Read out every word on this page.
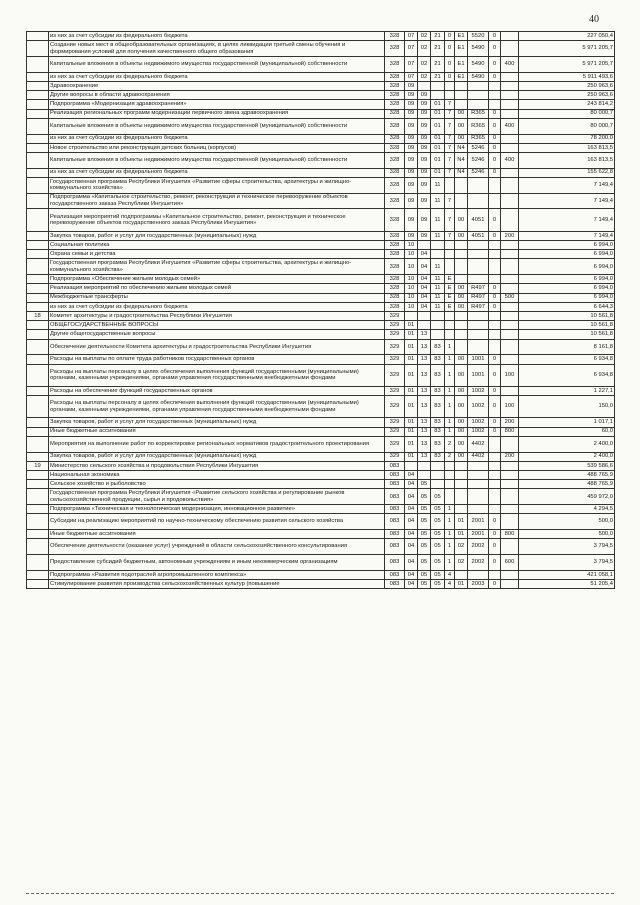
40
	из них за счет субсидии из федерального бюджета	328	07	02	21	0	Е1	5520	0		227 050,4
	Создание новых мест в общеобразовательных организациях, в целях ликвидации третьей смены обучения и формирования условий для получения качественного общего образования	328	07	02	21	0	Е1	5490	0		5 971 205,7
	Капитальные вложения в объекты недвижимого имущества государственной (муниципальной) собственности	328	07	02	21	0	Е1	5490	0	400	5 971 205,7
	из них за счет субсидии из федерального бюджета	328	07	02	21	0	Е1	5490	0		5 911 493,6
	Здравоохранение	328	09								250 963,6
	Другие вопросы в области здравоохранения	328	09	09							250 963,6
	Подпрограмма «Модернизация здравоохранения»	328	09	09	01	7					243 814,2
	Реализация региональных программ модернизации первичного звена здравоохранения	328	09	09	01	7	00	R365	0		80 000,7
	Капитальные вложения в объекты недвижимого имущества государственной (муниципальной) собственности	328	09	09	01	7	00	R365	0	400	80 000,7
	из них за счет субсидии из федерального бюджета	328	09	09	01	7	00	R365	0		78 200,0
	Новое строительство или реконструкция детских больниц (корпусов)	328	09	09	01	7	N4	5246	0		163 813,5
	Капитальные вложения в объекты недвижимого имущества государственной (муниципальной) собственности	328	09	09	01	7	N4	5246	0	400	163 813,5
	из них за счет субсидии из федерального бюджета	328	09	09	01	7	N4	5246	0		155 622,8
	Государственная программа Республики Ингушетия «Развитие сферы строительства, архитектуры и жилищно-коммунального хозяйства»	328	09	09	11						7 149,4
	Подпрограмма «Капитальное строительство, ремонт, реконструкция и техническое перевооружение объектов государственного заказа Республики Ингушетия»	328	09	09	11	7					7 149,4
	Реализация мероприятий подпрограммы «Капитальное строительство, ремонт, реконструкция и техническое перевооружение объектов государственного заказа Республики Ингушетия»	328	09	09	11	7	00	4051	0		7 149,4
	Закупка товаров, работ и услуг для государственных (муниципальных) нужд	328	09	09	11	7	00	4051	0	200	7 149,4
	Социальная политика	328	10								6 994,0
	Охрана семьи и детства	328	10	04							6 994,0
	Государственная программа Республики Ингушетия «Развитие сферы строительства, архитектуры и жилищно-коммунального хозяйства»	328	10	04	11						6 994,0
	Подпрограмма «Обеспечение жильем молодых семей»	328	10	04	11	Е					6 994,0
	Реализация мероприятий по обеспечению жильем молодых семей	328	10	04	11	Е	00	R497	0		6 994,0
	Межбюджетные трансферты	328	10	04	11	Е	00	R497	0	500	6 994,0
	из них за счет субсидии из федерального бюджета	328	10	04	11	Е	00	R497	0		6 644,3
18	Комитет архитектуры и градостроительства Республики Ингушетия	329									10 561,8
	ОБЩЕГОСУДАРСТВЕННЫЕ ВОПРОСЫ	329	01								10 561,8
	Другие общегосударственные вопросы	329	01	13							10 561,8
	Обеспечение деятельности Комитета архитектуры и градостроительства Республики Ингушетия	329	01	13	83	1					8 161,8
	Расходы на выплаты по оплате труда работников государственных органов	329	01	13	83	1	00	1001	0		6 934,8
	Расходы на выплаты персоналу в целях обеспечения выполнения функций государственными (муниципальными) органами, казенными учреждениями, органами управления государственными внебюджетными фондами	329	01	13	83	1	00	1001	0	100	6 934,8
	Расходы на обеспечение функций государственных органов	329	01	13	83	1	00	1002	0		1 227,1
	Расходы на выплаты персоналу в целях обеспечения выполнения функций государственными (муниципальными) органами, казенными учреждениями, органами управления государственными внебюджетными фондами	329	01	13	83	1	00	1002	0	100	150,0
	Закупка товаров, работ и услуг для государственных (муниципальных) нужд	329	01	13	83	1	00	1002	0	200	1 017,1
	Иные бюджетные ассигнования	329	01	13	83	1	00	1002	0	800	60,0
	Мероприятия на выполнение работ по корректировке региональных нормативов градостроительного проектирования	329	01	13	83	2	00	4402			2 400,0
	Закупка товаров, работ и услуг для государственных (муниципальных) нужд	329	01	13	83	2	00	4402		200	2 400,0
19	Министерство сельского хозяйства и продовольствия Республики Ингушетия	083									539 586,6
	Национальная экономика	083	04								488 765,9
	Сельское хозяйство и рыболовство	083	04	05							488 765,9
	Государственная программа Республики Ингушетия «Развитие сельского хозяйства и регулирование рынков сельскохозяйственной продукции, сырья и продовольствия»	083	04	05	05						459 972,0
	Подпрограмма «Техническая и технологическая модернизация, инновационное развитие»	083	04	05	05	1					4 294,5
	Субсидии на реализацию мероприятий по научно-техническому обеспечению развития сельского хозяйства	083	04	05	05	1	01	2001	0		500,0
	Иные бюджетные ассигнования	083	04	05	05	1	01	2001	0	800	500,0
	Обеспечение деятельности (оказание услуг) учреждений в области сельскохозяйственного консультирования	083	04	05	05	1	02	2002	0		3 794,5
	Предоставление субсидий бюджетным, автономным учреждениям и иным некоммерческим организациям	083	04	05	05	1	02	2002	0	600	3 794,5
	Подпрограмма «Развития подотраслей агропромышленного комплекса»	083	04	05	05	4					421 058,1
	Стимулирование развития производства сельскохозяйственных культур (повышение	083	04	05	05	4	01	2003	0		51 205,4
